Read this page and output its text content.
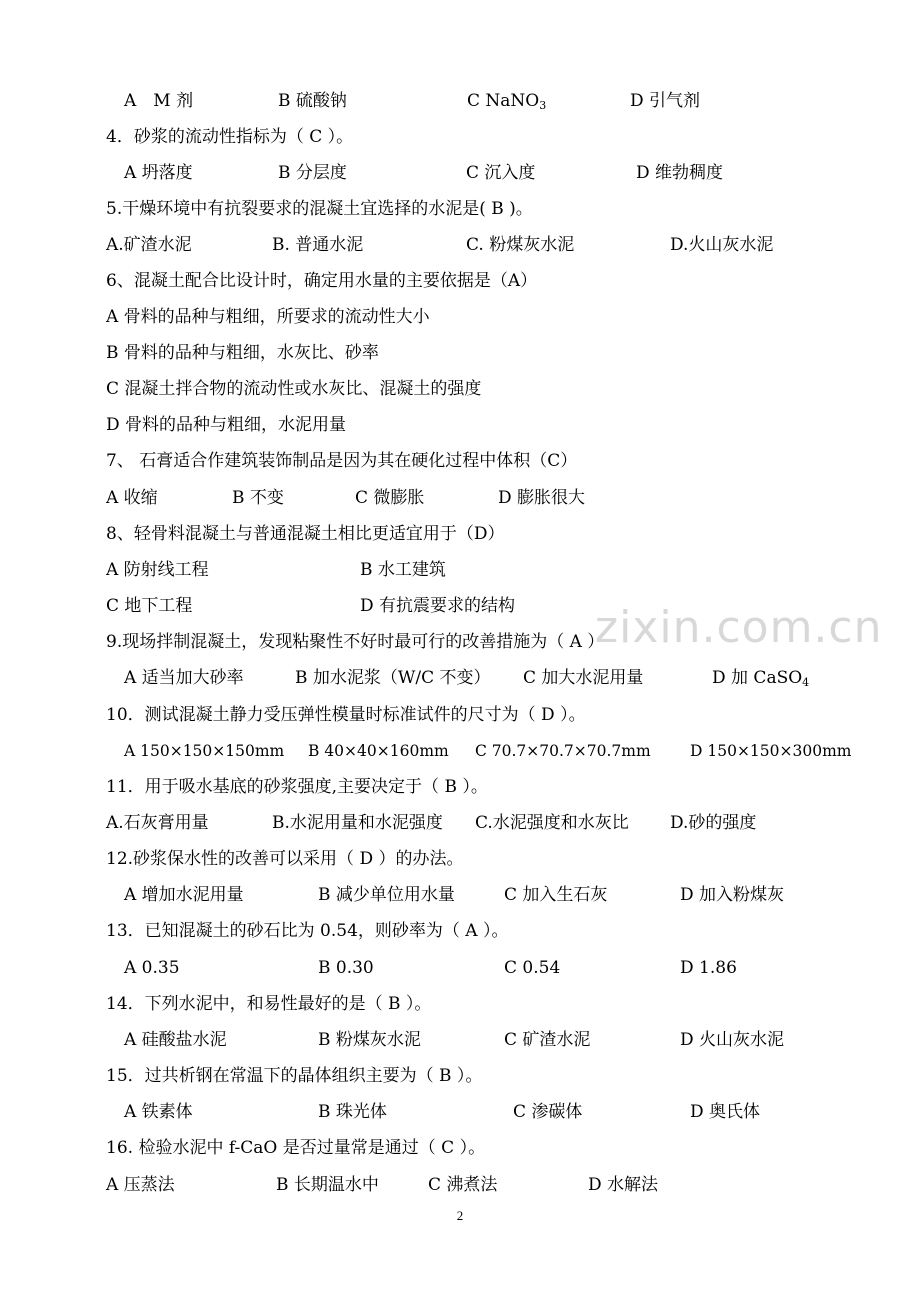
zixin.com.cn
A　M 剂	B 硫酸钠	C NaNO$_3$	D 引气剂
4．砂浆的流动性指标为（ C ）。
A 坍落度	B 分层度	C 沉入度	D 维勃稠度
5.干燥环境中有抗裂要求的混凝土宜选择的水泥是( B )。
A.矿渣水泥	B. 普通水泥	C. 粉煤灰水泥	D.火山灰水泥
6、混凝土配合比设计时，确定用水量的主要依据是（A）
A 骨料的品种与粗细，所要求的流动性大小
B 骨料的品种与粗细，水灰比、砂率
C 混凝土拌合物的流动性或水灰比、混凝土的强度
D 骨料的品种与粗细，水泥用量
7、 石膏适合作建筑装饰制品是因为其在硬化过程中体积（C）
A 收缩	B 不变	C 微膨胀	D 膨胀很大
8、轻骨料混凝土与普通混凝土相比更适宜用于（D）
A 防射线工程	B 水工建筑
C 地下工程	D 有抗震要求的结构
9.现场拌制混凝土，发现粘聚性不好时最可行的改善措施为（ A ）
A 适当加大砂率	B 加水泥浆（W/C 不变） C 加大水泥用量	D 加 CaSO$_4$
10．测试混凝土静力受压弹性模量时标准试件的尺寸为（ D ）。
A 150×150×150mm B 40×40×160mm C 70.7×70.7×70.7mm	D 150×150×300mm
11．用于吸水基底的砂浆强度,主要决定于（ B ）。
A.石灰膏用量	B.水泥用量和水泥强度 C.水泥强度和水灰比 D.砂的强度
12.砂浆保水性的改善可以采用（ D ）的办法。
A 增加水泥用量	B 减少单位用水量	C 加入生石灰	D 加入粉煤灰
13．已知混凝土的砂石比为 0.54，则砂率为（ A ）。
A 0.35	B 0.30	C 0.54	D 1.86
14．下列水泥中，和易性最好的是（ B ）。
A 硅酸盐水泥	B 粉煤灰水泥	C 矿渣水泥	D 火山灰水泥
15．过共析钢在常温下的晶体组织主要为（ B ）。
A 铁素体	B 珠光体	C 渗碳体	D 奥氏体
16. 检验水泥中 f-CaO 是否过量常是通过（ C ）。
A 压蒸法	B 长期温水中	C 沸煮法	D 水解法
2
